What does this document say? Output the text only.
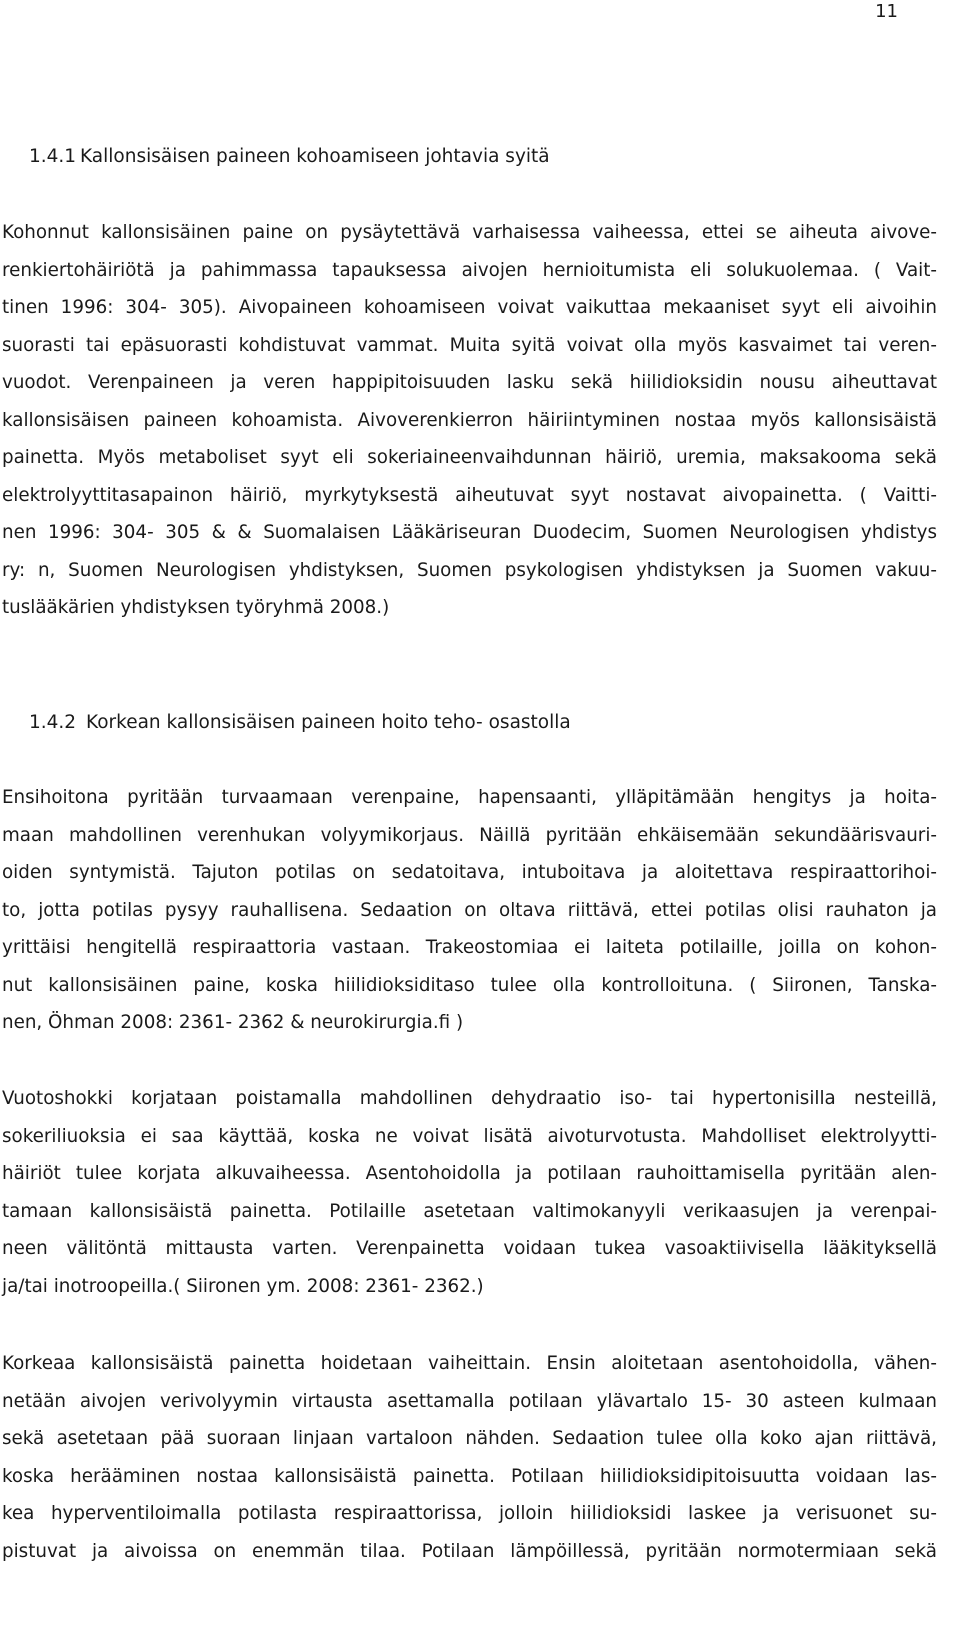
11
1.4.1 Kallonsisäisen paineen kohoamiseen johtavia syitä
Kohonnut kallonsisäinen paine on pysäytettävä varhaisessa vaiheessa, ettei se aiheuta aivove-
renkiertohäiriötä ja pahimmassa tapauksessa aivojen hernioitumista eli solukuolemaa. ( Vait-
tinen 1996: 304- 305). Aivopaineen kohoamiseen voivat vaikuttaa mekaaniset syyt eli aivoihin
suorasti tai epäsuorasti kohdistuvat vammat. Muita syitä voivat olla myös kasvaimet tai veren-
vuodot. Verenpaineen ja veren happipitoisuuden lasku sekä hiilidioksidin nousu aiheuttavat
kallonsisäisen paineen kohoamista. Aivoverenkierron häiriintyminen nostaa myös kallonsisäistä
painetta. Myös metaboliset syyt eli sokeriaineenvaihdunnan häiriö, uremia, maksakooma sekä
elektrolyyttitasapainon häiriö, myrkytyksestä aiheutuvat syyt nostavat aivopainetta. ( Vaitti-
nen 1996: 304- 305 & & Suomalaisen Lääkäriseuran Duodecim, Suomen Neurologisen yhdistys
ry: n, Suomen Neurologisen yhdistyksen, Suomen psykologisen yhdistyksen ja Suomen vakuu-
tuslääkärien yhdistyksen työryhmä 2008.)
1.4.2 Korkean kallonsisäisen paineen hoito teho- osastolla
Ensihoitona pyritään turvaamaan verenpaine, hapensaanti, ylläpitämään hengitys ja hoita-
maan mahdollinen verenhukan volyymikorjaus. Näillä pyritään ehkäisemään sekundäärisvauri-
oiden syntymistä. Tajuton potilas on sedatoitava, intuboitava ja aloitettava respiraattorihoi-
to, jotta potilas pysyy rauhallisena. Sedaation on oltava riittävä, ettei potilas olisi rauhaton ja
yrittäisi hengitellä respiraattoria vastaan. Trakeostomiaa ei laiteta potilaille, joilla on kohon-
nut kallonsisäinen paine, koska hiilidioksiditaso tulee olla kontrolloituna. ( Siironen, Tanska-
nen, Öhman 2008: 2361- 2362 & neurokirurgia.fi )
Vuotoshokki korjataan poistamalla mahdollinen dehydraatio iso- tai hypertonisilla nesteillä,
sokeriliuoksia ei saa käyttää, koska ne voivat lisätä aivoturvotusta. Mahdolliset elektrolyytti-
häiriöt tulee korjata alkuvaiheessa. Asentohoidolla ja potilaan rauhoittamisella pyritään alen-
tamaan kallonsisäistä painetta. Potilaille asetetaan valtimokanyyli verikaasujen ja verenpai-
neen välitöntä mittausta varten. Verenpainetta voidaan tukea vasoaktiivisella lääkityksellä
ja/tai inotroopeilla.( Siironen ym. 2008: 2361- 2362.)
Korkeaa kallonsisäistä painetta hoidetaan vaiheittain. Ensin aloitetaan asentohoidolla, vähen-
netään aivojen verivolyymin virtausta asettamalla potilaan ylävartalo 15- 30 asteen kulmaan
sekä asetetaan pää suoraan linjaan vartaloon nähden. Sedaation tulee olla koko ajan riittävä,
koska herääminen nostaa kallonsisäistä painetta. Potilaan hiilidioksidipitoisuutta voidaan las-
kea hyperventiloimalla potilasta respiraattorissa, jolloin hiilidioksidi laskee ja verisuonet su-
pistuvat ja aivoissa on enemmän tilaa. Potilaan lämpöillessä, pyritään normotermiaan sekä
